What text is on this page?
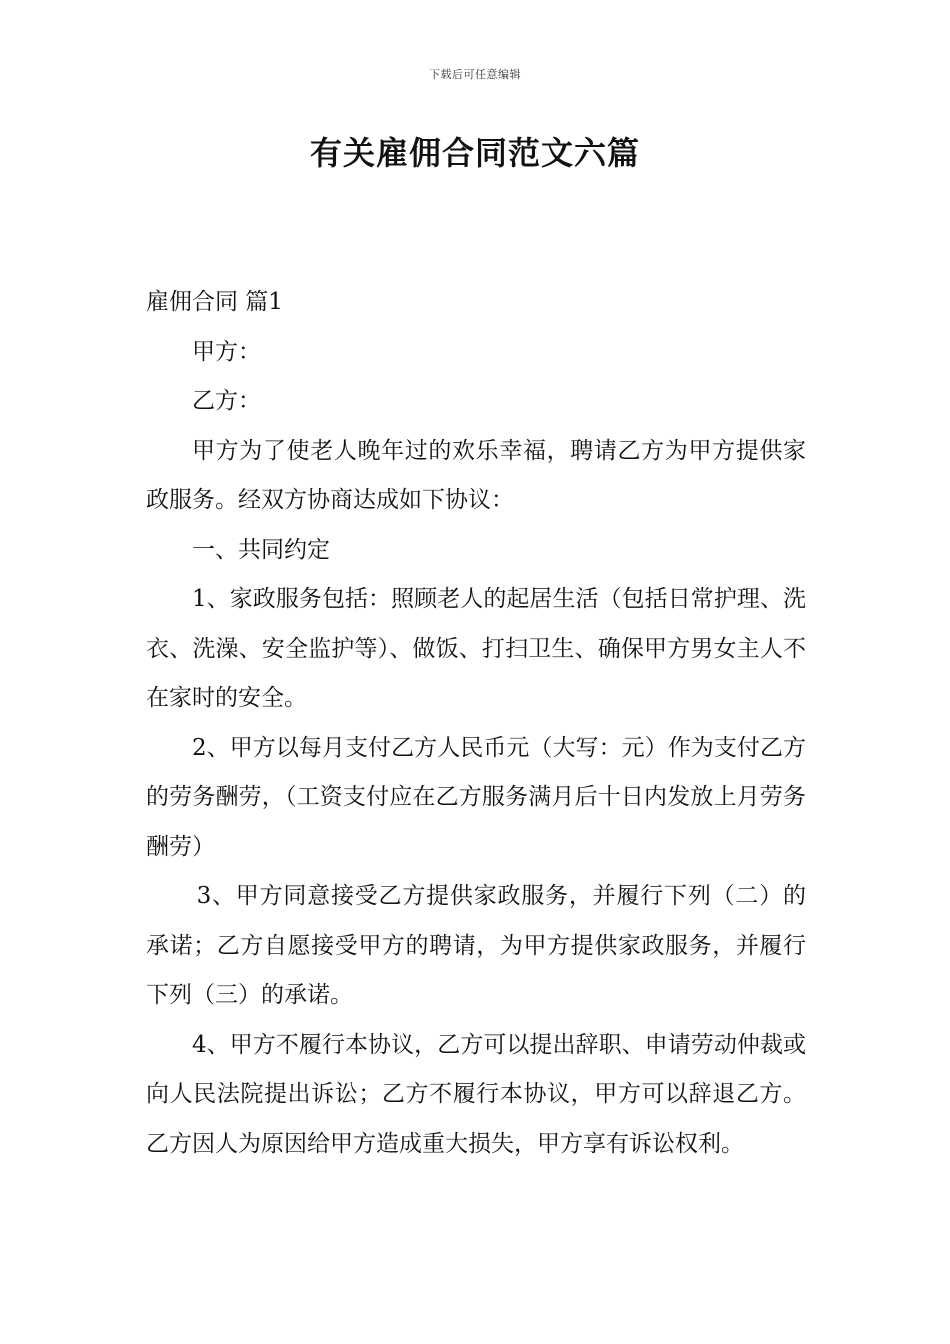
下载后可任意编辑
有关雇佣合同范文六篇

雇佣合同 篇1

甲方：

乙方：

甲方为了使老人晚年过的欢乐幸福，聘请乙方为甲方提供家政服务。经双方协商达成如下协议：

一、共同约定

1、家政服务包括：照顾老人的起居生活（包括日常护理、洗衣、洗澡、安全监护等）、做饭、打扫卫生、确保甲方男女主人不在家时的安全。

2、甲方以每月支付乙方人民币元（大写：元）作为支付乙方的劳务酬劳，（工资支付应在乙方服务满月后十日内发放上月劳务酬劳）

3、甲方同意接受乙方提供家政服务，并履行下列（二）的承诺；乙方自愿接受甲方的聘请，为甲方提供家政服务，并履行下列（三）的承诺。

4、甲方不履行本协议，乙方可以提出辞职、申请劳动仲裁或向人民法院提出诉讼；乙方不履行本协议，甲方可以辞退乙方。乙方因人为原因给甲方造成重大损失，甲方享有诉讼权利。
